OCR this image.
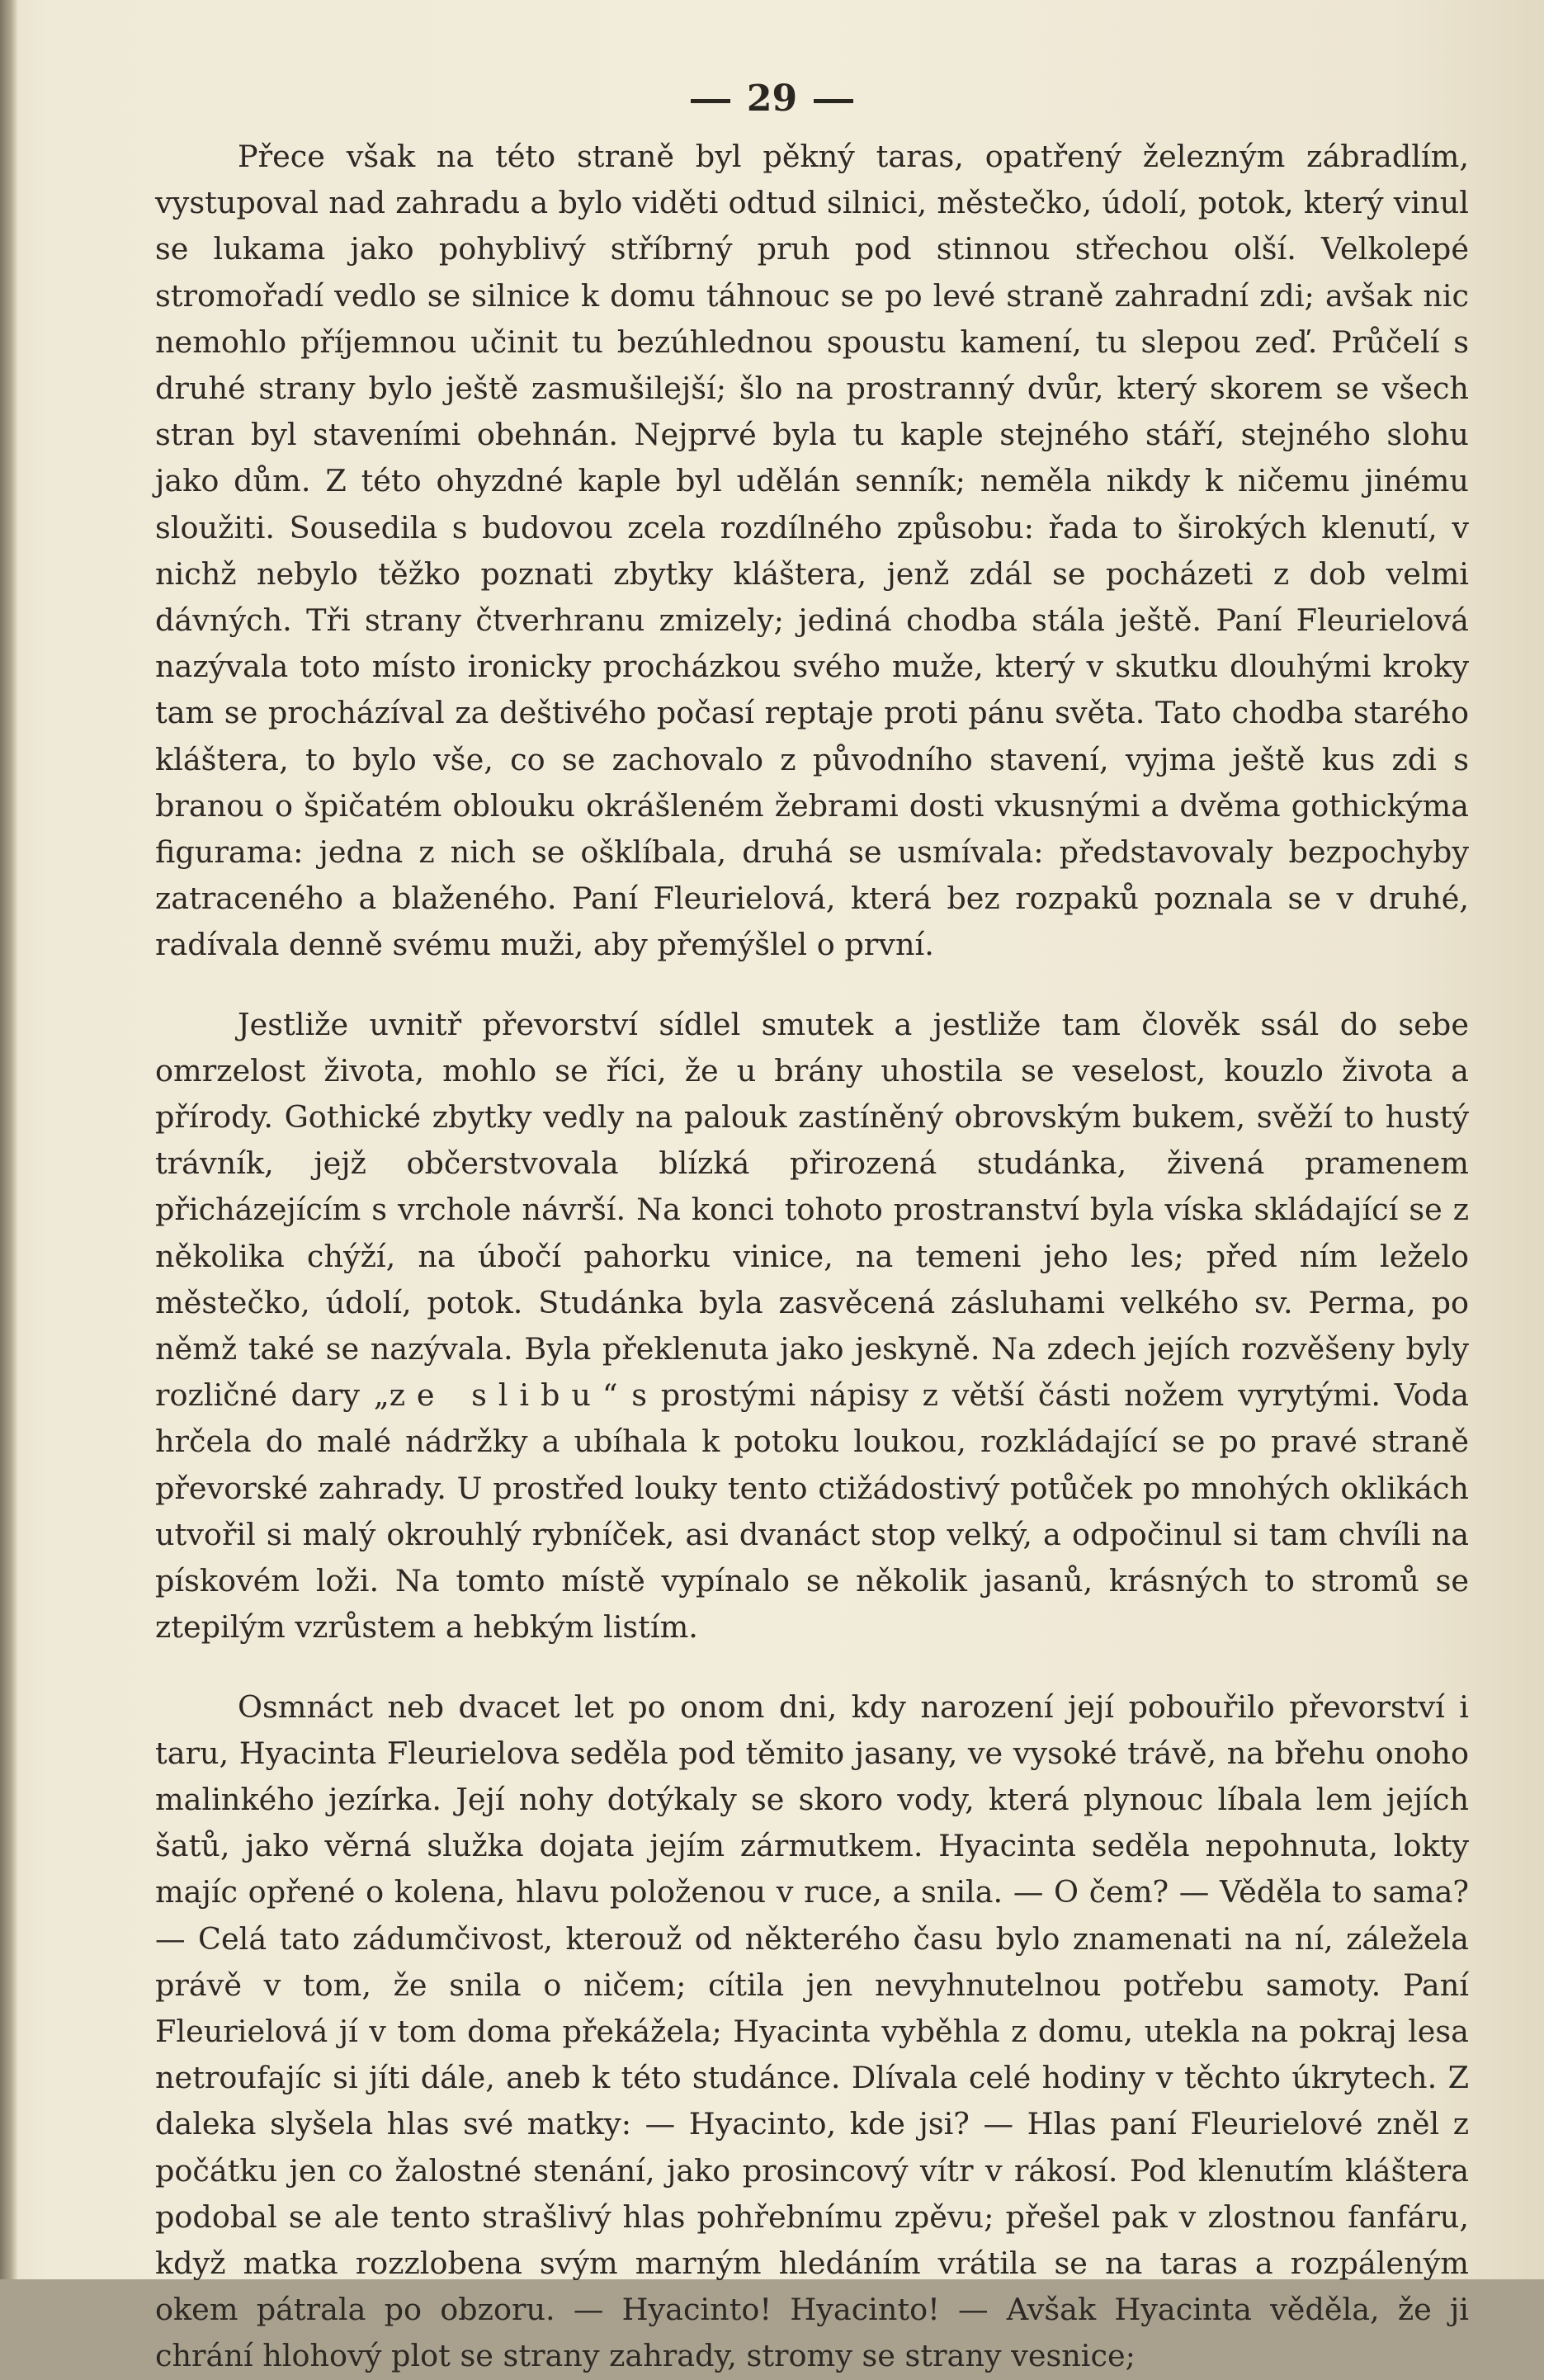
29

Přece však na této straně byl pěkný taras, opatřený železným zábradlím, vystupoval nad zahradu a bylo viděti odtud silnici, městečko, údolí, potok, který vinul se lukama jako pohyblivý stříbrný pruh pod stinnou střechou olší. Velkolepé stromořadí vedlo se silnice k domu táhnouc se po levé straně zahradní zdi; avšak nic nemohlo příjemnou učinit tu bezúhlednou spoustu kamení, tu slepou zeď. Průčelí s druhé strany bylo ještě zasmušilejší; šlo na prostranný dvůr, který skorem se všech stran byl staveními obehnán. Nejprvé byla tu kaple stejného stáří, stejného slohu jako dům. Z této ohyzdné kaple byl udělán senník; neměla nikdy k ničemu jinému sloužiti. Sousedila s budovou zcela rozdílného způsobu: řada to širokých klenutí, v nichž nebylo těžko poznati zbytky kláštera, jenž zdál se pocházeti z dob velmi dávných. Tři strany čtverhranu zmizely; jediná chodba stála ještě. Paní Fleurielová nazývala toto místo ironicky procházkou svého muže, který v skutku dlouhými kroky tam se procházíval za deštivého počasí reptaje proti pánu světa. Tato chodba starého kláštera, to bylo vše, co se zachovalo z původního stavení, vyjma ještě kus zdi s branou o špičatém oblouku okrášleném žebrami dosti vkusnými a dvěma gothickýma figurama: jedna z nich se ošklíbala, druhá se usmívala: představovaly bezpochyby zatraceného a blaženého. Paní Fleurielová, která bez rozpaků poznala se v druhé, radívala denně svému muži, aby přemýšlel o první.

Jestliže uvnitř převorství sídlel smutek a jestliže tam člověk ssál do sebe omrzelost života, mohlo se říci, že u brány uhostila se veselost, kouzlo života a přírody. Gothické zbytky vedly na palouk zastíněný obrovským bukem, svěží to hustý trávník, jejž občerstvovala blízká přirozená studánka, živená pramenem přicházejícím s vrchole návrší. Na konci tohoto prostranství byla víska skládající se z několika chýží, na úbočí pahorku vinice, na temeni jeho les; před ním leželo městečko, údolí, potok. Studánka byla zasvěcená zásluhami velkého sv. Perma, po němž také se nazývala. Byla překlenuta jako jeskyně. Na zdech jejích rozvěšeny byly rozličné dary „ze slibu“ s prostými nápisy z větší části nožem vyrytými. Voda hrčela do malé nádržky a ubíhala k potoku loukou, rozkládající se po pravé straně převorské zahrady. U prostřed louky tento ctižádostivý potůček po mnohých oklikách utvořil si malý okrouhlý rybníček, asi dvanáct stop velký, a odpočinul si tam chvíli na pískovém loži. Na tomto místě vypínalo se několik jasanů, krásných to stromů se ztepilým vzrůstem a hebkým listím.

Osmnáct neb dvacet let po onom dni, kdy narození její pobouřilo převorství i taru, Hyacinta Fleurielova seděla pod těmito jasany, ve vysoké trávě, na břehu onoho malinkého jezírka. Její nohy dotýkaly se skoro vody, která plynouc líbala lem jejích šatů, jako věrná služka dojata jejím zármutkem. Hyacinta seděla nepohnuta, lokty majíc opřené o kolena, hlavu položenou v ruce, a snila. — O čem? — Věděla to sama? — Celá tato zádumčivost, kterouž od některého času bylo znamenati na ní, záležela právě v tom, že snila o ničem; cítila jen nevyhnutelnou potřebu samoty. Paní Fleurielová jí v tom doma překážela; Hyacinta vyběhla z domu, utekla na pokraj lesa netroufajíc si jíti dále, aneb k této studánce. Dlívala celé hodiny v těchto úkrytech. Z daleka slyšela hlas své matky: — Hyacinto, kde jsi? — Hlas paní Fleurielové zněl z počátku jen co žalostné stenání, jako prosincový vítr v rákosí. Pod klenutím kláštera podobal se ale tento strašlivý hlas pohřebnímu zpěvu; přešel pak v zlostnou fanfáru, když matka rozzlobena svým marným hledáním vrátila se na taras a rozpáleným okem pátrala po obzoru. — Hyacinto! Hyacinto! — Avšak Hyacinta věděla, že ji chrání hlohový plot se strany zahrady, stromy se strany vesnice;
